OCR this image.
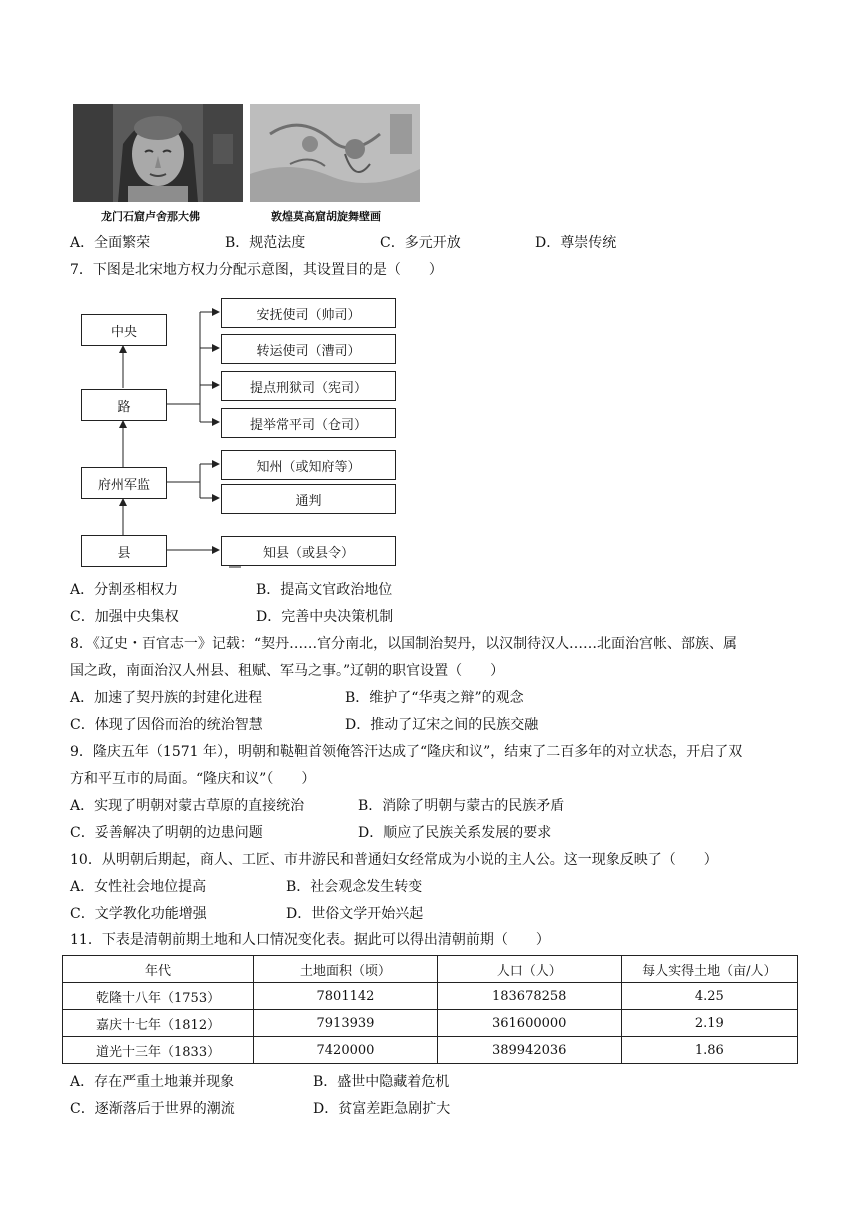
龙门石窟卢舍那大佛	敦煌莫高窟胡旋舞壁画
A．全面繁荣	B．规范法度	C．多元开放	D．尊崇传统
7．下图是北宋地方权力分配示意图，其设置目的是（　　）
中央
路
府州军监
县
安抚使司（帅司）
转运使司（漕司）
提点刑狱司（宪司）
提举常平司（仓司）
知州（或知府等）
通判
知县（或县令）
A．分割丞相权力	B．提高文官政治地位
C．加强中央集权	D．完善中央决策机制
8．《辽史・百官志一》记载：“契丹……官分南北，以国制治契丹，以汉制待汉人……北面治宫帐、部族、属
国之政，南面治汉人州县、租赋、军马之事。”辽朝的职官设置（　　）
A．加速了契丹族的封建化进程	B．维护了“华夷之辩”的观念
C．体现了因俗而治的统治智慧	D．推动了辽宋之间的民族交融
9．隆庆五年（1571 年），明朝和鞑靼首领俺答汗达成了“隆庆和议”，结束了二百多年的对立状态，开启了双
方和平互市的局面。“隆庆和议”（　　）
A．实现了明朝对蒙古草原的直接统治	B．消除了明朝与蒙古的民族矛盾
C．妥善解决了明朝的边患问题	D．顺应了民族关系发展的要求
10．从明朝后期起，商人、工匠、市井游民和普通妇女经常成为小说的主人公。这一现象反映了（　　）
A．女性社会地位提高	B．社会观念发生转变
C．文学教化功能增强	D．世俗文学开始兴起
11．下表是清朝前期土地和人口情况变化表。据此可以得出清朝前期（　　）
年代	土地面积（顷）	人口（人）	每人实得土地（亩/人）
乾隆十八年（1753）	7801142	183678258	4.25
嘉庆十七年（1812）	7913939	361600000	2.19
道光十三年（1833）	7420000	389942036	1.86
A．存在严重土地兼并现象	B．盛世中隐藏着危机
C．逐渐落后于世界的潮流	D．贫富差距急剧扩大
